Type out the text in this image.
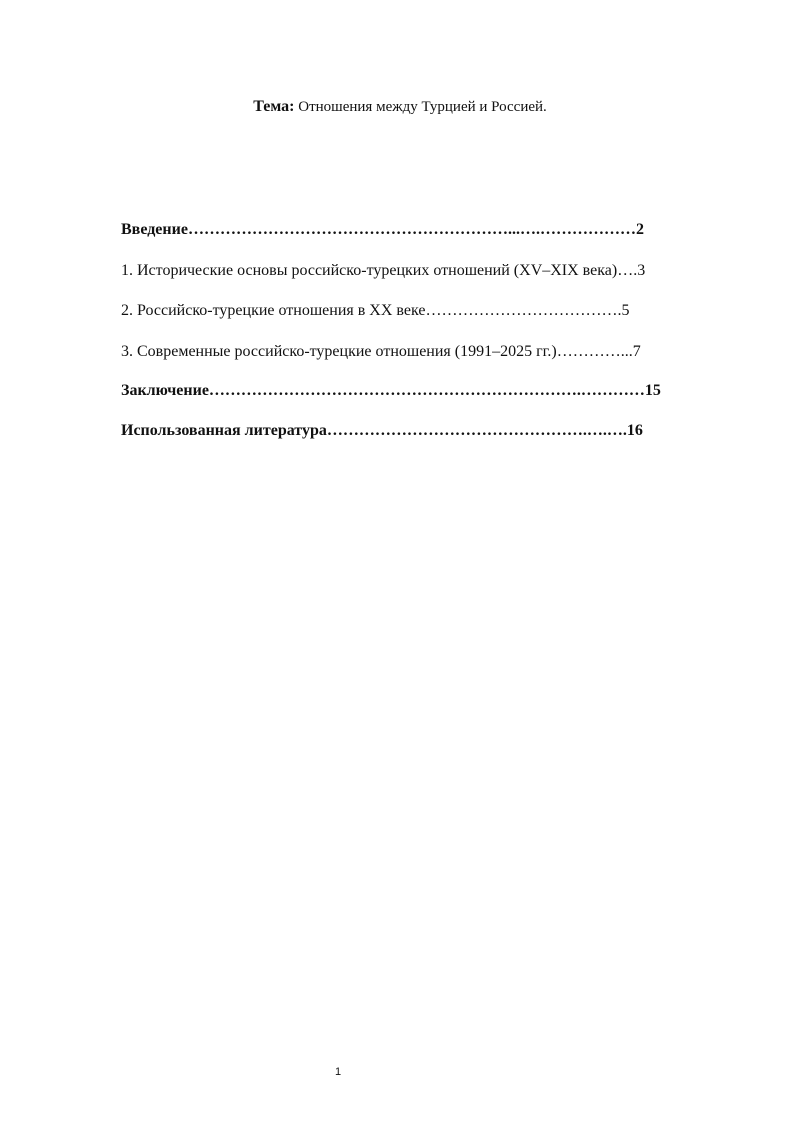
Тема: Отношения между Турцией и Россией.
Введение……………………………………………………...….………………2
1. Исторические основы российско-турецких отношений (XV–XIX века)….3
2. Российско-турецкие отношения в XX веке……………………………….5
3. Современные российско-турецкие отношения (1991–2025 гг.)…………...7
Заключение…………………………………………………………….…………15
Использованная литература………………………………………….….….16
1
